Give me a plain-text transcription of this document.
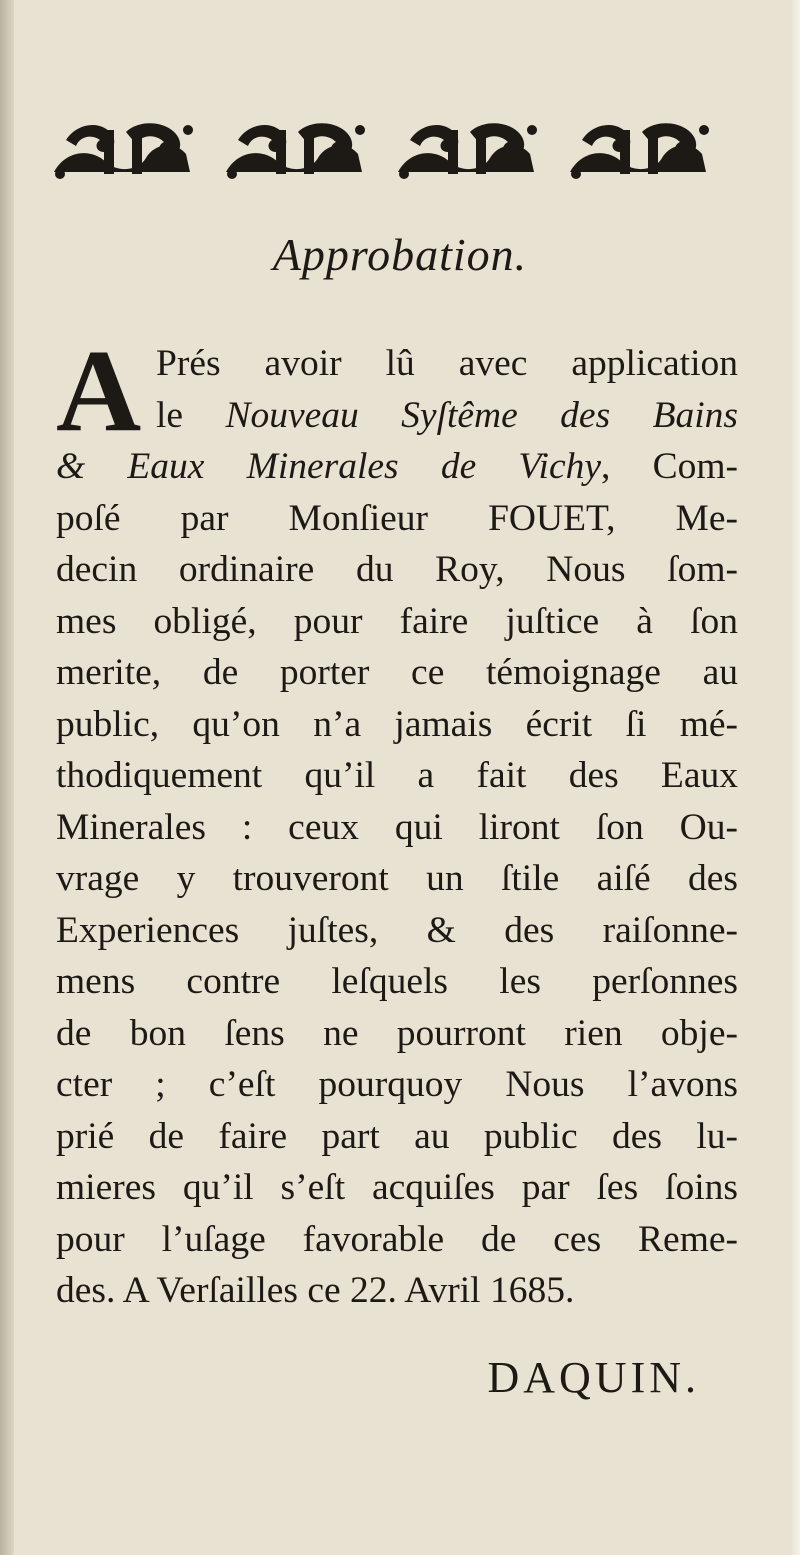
Approbation.
A Prés avoir lû avec application
le Nouveau Syſtême des Bains
& Eaux Minerales de Vichy, Com-
poſé par Monſieur FOUET, Me-
decin ordinaire du Roy, Nous ſom-
mes obligé, pour faire juſtice à ſon
merite, de porter ce témoignage au
public, qu’on n’a jamais écrit ſi mé-
thodiquement qu’il a fait des Eaux
Minerales : ceux qui liront ſon Ou-
vrage y trouveront un ſtile aiſé des
Experiences juſtes, & des raiſonne-
mens contre leſquels les perſonnes
de bon ſens ne pourront rien obje-
cter ; c’eſt pourquoy Nous l’avons
prié de faire part au public des lu-
mieres qu’il s’eſt acquiſes par ſes ſoins
pour l’uſage favorable de ces Reme-
des. A Verſailles ce 22. Avril 1685.
DAQUIN.
